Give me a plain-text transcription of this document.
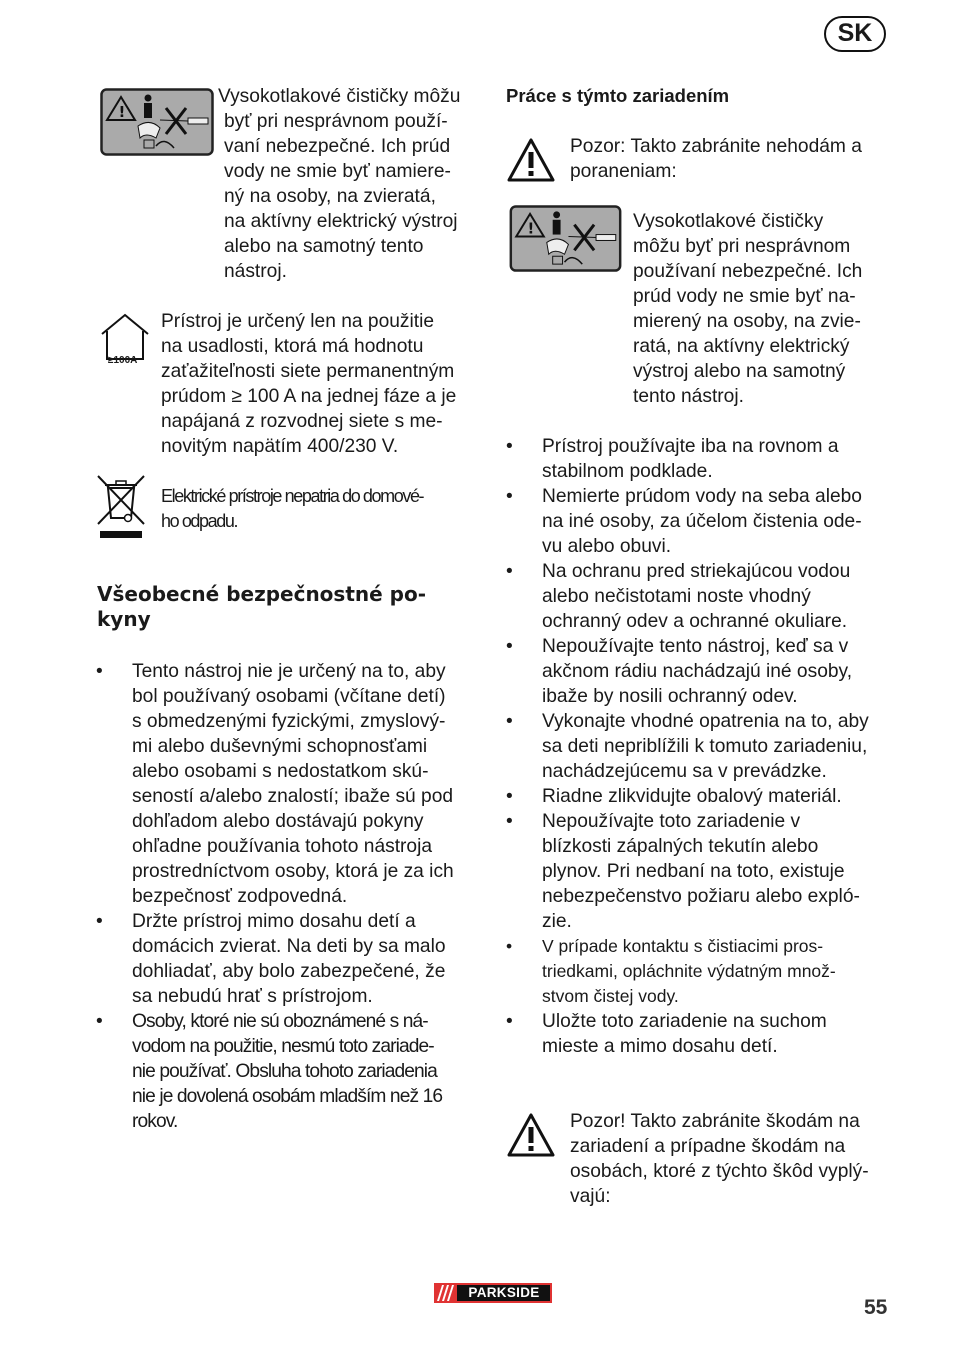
SK
!
Vysokotlakové čističky môžu
byť pri nesprávnom použí-
vaní nebezpečné. Ich prúd
vody ne smie byť namiere-
ný na osoby, na zvieratá,
na aktívny elektrický výstroj
alebo na samotný tento
nástroj.
≥100A
Prístroj je určený len na použitie
na usadlosti, ktorá má hodnotu
zaťažiteľnosti siete permanentným
prúdom ≥ 100 A na jednej fáze a je
napájaná z rozvodnej siete s me-
novitým napätím 400/230 V.
Elektrické prístroje nepatria do domové-
ho odpadu.
Všeobecné bezpečnostné po-
kyny
• Tento nástroj nie je určený na to, aby
bol používaný osobami (včítane detí)
s obmedzenými fyzickými, zmyslový-
mi alebo duševnými schopnosťami
alebo osobami s nedostatkom skú-
seností a/alebo znalostí; ibaže sú pod
dohľadom alebo dostávajú pokyny
ohľadne používania tohoto nástroja
prostredníctvom osoby, ktorá je za ich
bezpečnosť zodpovedná.
• Držte prístroj mimo dosahu detí a
domácich zvierat. Na deti by sa malo
dohliadať, aby bolo zabezpečené, že
sa nebudú hrať s prístrojom.
• Osoby, ktoré nie sú oboznámené s ná-
vodom na použitie, nesmú toto zariade-
nie používať. Obsluha tohoto zariadenia
nie je dovolená osobám mladším než 16
rokov.
Práce s týmto zariadením
Pozor: Takto zabránite nehodám a
poraneniam:
!	Vysokotlakové čističky
môžu byť pri nesprávnom
používaní nebezpečné. Ich
prúd vody ne smie byť na-
mierený na osoby, na zvie-
ratá, na aktívny elektrický
výstroj alebo na samotný
tento nástroj.
• Prístroj používajte iba na rovnom a
stabilnom podklade.
• Nemierte prúdom vody na seba alebo
na iné osoby, za účelom čistenia ode-
vu alebo obuvi.
• Na ochranu pred striekajúcou vodou
alebo nečistotami noste vhodný
ochranný odev a ochranné okuliare.
• Nepoužívajte tento nástroj, keď sa v
akčnom rádiu nachádzajú iné osoby,
ibaže by nosili ochranný odev.
• Vykonajte vhodné opatrenia na to, aby
sa deti nepriblížili k tomuto zariadeniu,
nachádzejúcemu sa v prevádzke.
• Riadne zlikvidujte obalový materiál.
• Nepoužívajte toto zariadenie v
blízkosti zápalných tekutín alebo
plynov. Pri nedbaní na toto, existuje
nebezpečenstvo požiaru alebo expló-
zie.
• V prípade kontaktu s čistiacimi pros-
triedkami, opláchnite výdatným množ-
stvom čistej vody.
• Uložte toto zariadenie na suchom
mieste a mimo dosahu detí.
Pozor! Takto zabránite škodám na
zariadení a prípadne škodám na
osobách, ktoré z týchto škôd vyplý-
vajú:
PARKSIDE
55
